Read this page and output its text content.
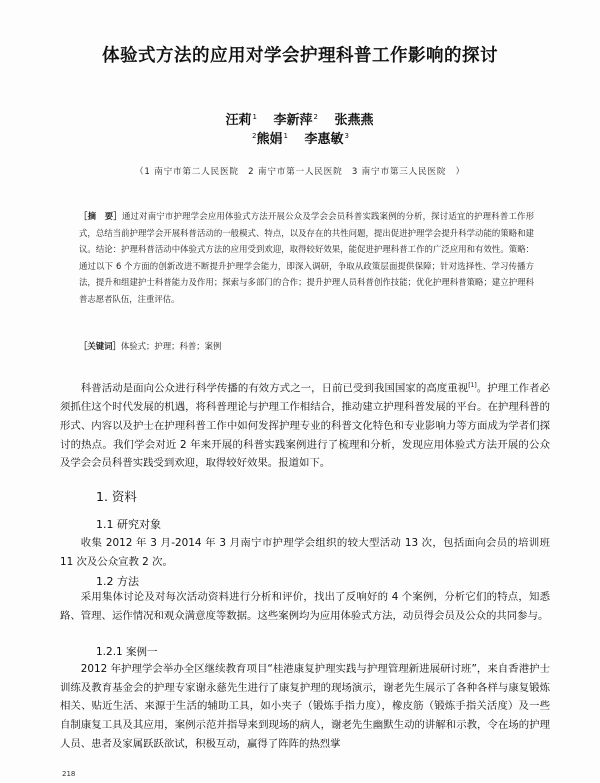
体验式方法的应用对学会护理科普工作影响的探讨
汪莉$^1$ 李新萍$^2$ 张燕燕
$^2$熊娟$^1$ 李惠敏$^3$
（1 南宁市第二人民医院　2 南宁市第一人民医院　3 南宁市第三人民医院　）
［摘　要］通过对南宁市护理学会应用体验式方法开展公众及学会会员科普实践案例的分析，探讨适宜的护理科普工作形式，总结当前护理学会开展科普活动的一般模式、特点，以及存在的共性问题，提出促进护理学会提升科学动能的策略和建议。结论：护理科普活动中体验式方法的应用受到欢迎，取得较好效果，能促进护理科普工作的广泛应用和有效性。策略：通过以下 6 个方面的创新改进不断提升护理学会能力，即深入调研，争取从政策层面提供保障；针对选择性、学习传播方法，提升和组建护士科普能力及作用；探索与多部门的合作；提升护理人员科普创作技能；优化护理科普策略；建立护理科普志愿者队伍，注重评估。
［关键词］体验式；护理；科普；案例
科普活动是面向公众进行科学传播的有效方式之一，日前已受到我国国家的高度重视[1]。护理工作者必须抓住这个时代发展的机遇，将科普理论与护理工作相结合，推动建立护理科普发展的平台。在护理科普的形式、内容以及护士在护理科普工作中如何发挥护理专业的科普文化特色和专业影响力等方面成为学者们探讨的热点。我们学会对近 2 年来开展的科普实践案例进行了梳理和分析，发现应用体验式方法开展的公众及学会会员科普实践受到欢迎，取得较好效果。报道如下。
1. 资料
1.1 研究对象
收集 2012 年 3 月-2014 年 3 月南宁市护理学会组织的较大型活动 13 次，包括面向会员的培训班 11 次及公众宣教 2 次。
1.2 方法
采用集体讨论及对每次活动资料进行分析和评价，找出了反响好的 4 个案例，分析它们的特点，知悉路、管理、运作情况和观众满意度等数据。这些案例均为应用体验式方法，动员得会员及公众的共同参与。
1.2.1 案例一
2012 年护理学会举办全区继续教育项目“桂港康复护理实践与护理管理新进展研讨班”，来自香港护士训练及教育基金会的护理专家谢永慈先生进行了康复护理的现场演示，谢老先生展示了各种各样与康复锻炼相关、贴近生活、来源于生活的辅助工具，如小夹子（锻炼手指力度），橡皮筋（锻炼手指关活度）及一些自制康复工具及其应用，案例示范并指导来到现场的病人，谢老先生幽默生动的讲解和示教，令在场的护理人员、患者及家属跃跃欲试，积极互动，赢得了阵阵的热烈掌
218
